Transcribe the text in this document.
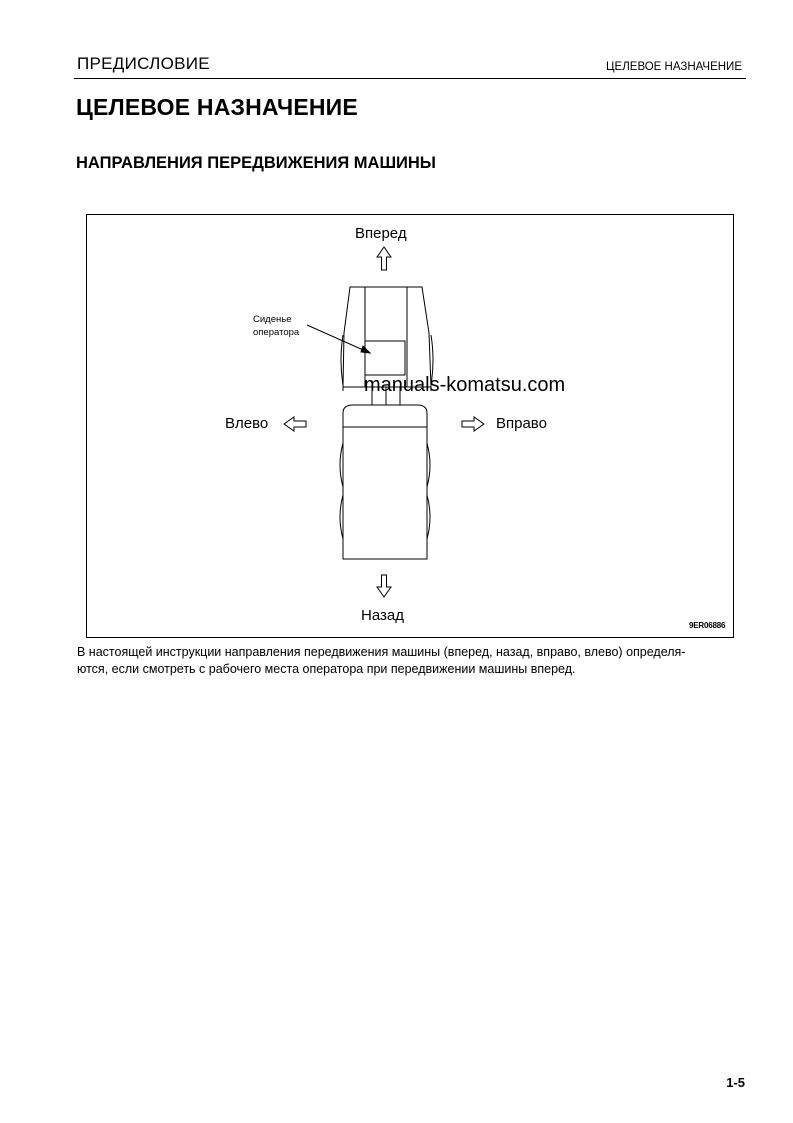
ПРЕДИСЛОВИЕ	ЦЕЛЕВОЕ НАЗНАЧЕНИЕ
ЦЕЛЕВОЕ НАЗНАЧЕНИЕ
НАПРАВЛЕНИЯ ПЕРЕДВИЖЕНИЯ МАШИНЫ
Вперед
Назад
Влево	Вправо
Сиденье
оператора
9ER06886
manuals-komatsu.com
В настоящей инструкции направления передвижения машины (вперед, назад, вправо, влево) определя-
ются, если смотреть с рабочего места оператора при передвижении машины вперед.
1-5
